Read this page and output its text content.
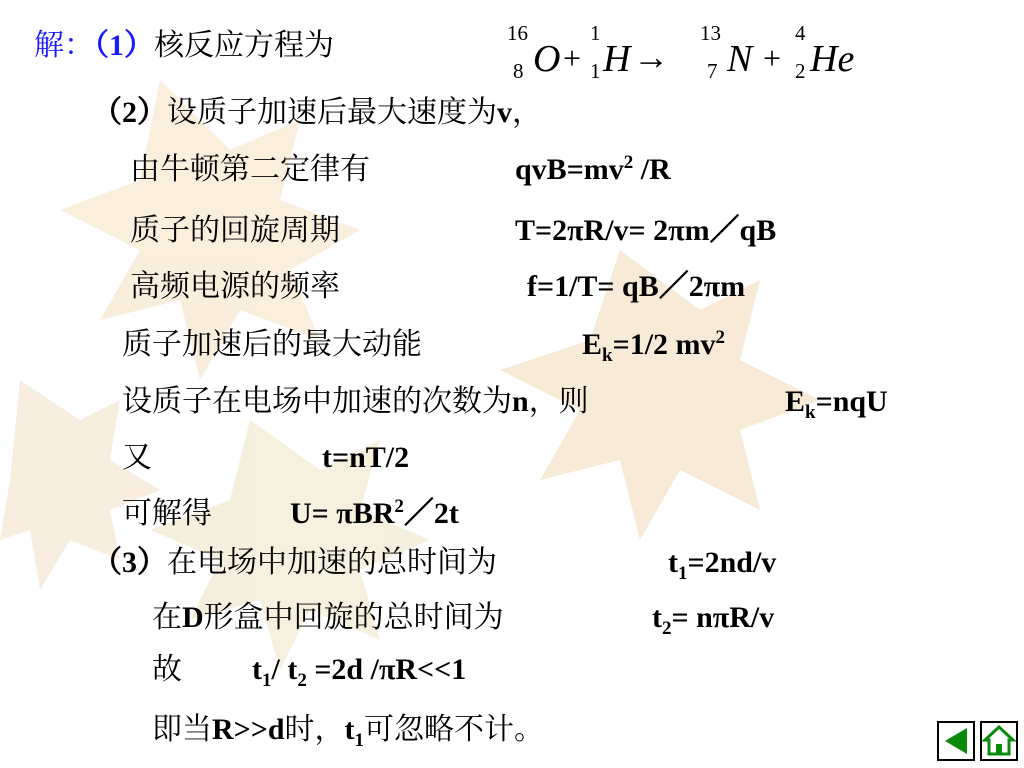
解：（1）核反应方程为	16
8 O +
1
1 H →
13
7 N +
4
2 He
（2）设质子加速后最大速度为v，
由牛顿第二定律有	$qvB=mv^2$ /R
质子的回旋周期	T=2πR/v= 2πm／qB
高频电源的频率	f=1/T= qB／2πm
质子加速后的最大动能	$E_k=1/2$ $mv^2$
设质子在电场中加速的次数为n，则	$E_k=nqU$
又	t=nT/2
可解得	U= πBR$^2$／2t
（3）在电场中加速的总时间为	$t_1=2nd/v$
在D形盒中回旋的总时间为	$t_2= n\pi R/v$
故 $t_1/$ $t_2 =2d$ /πR<<1
即当R>>d时，$t_1$可忽略不计。
